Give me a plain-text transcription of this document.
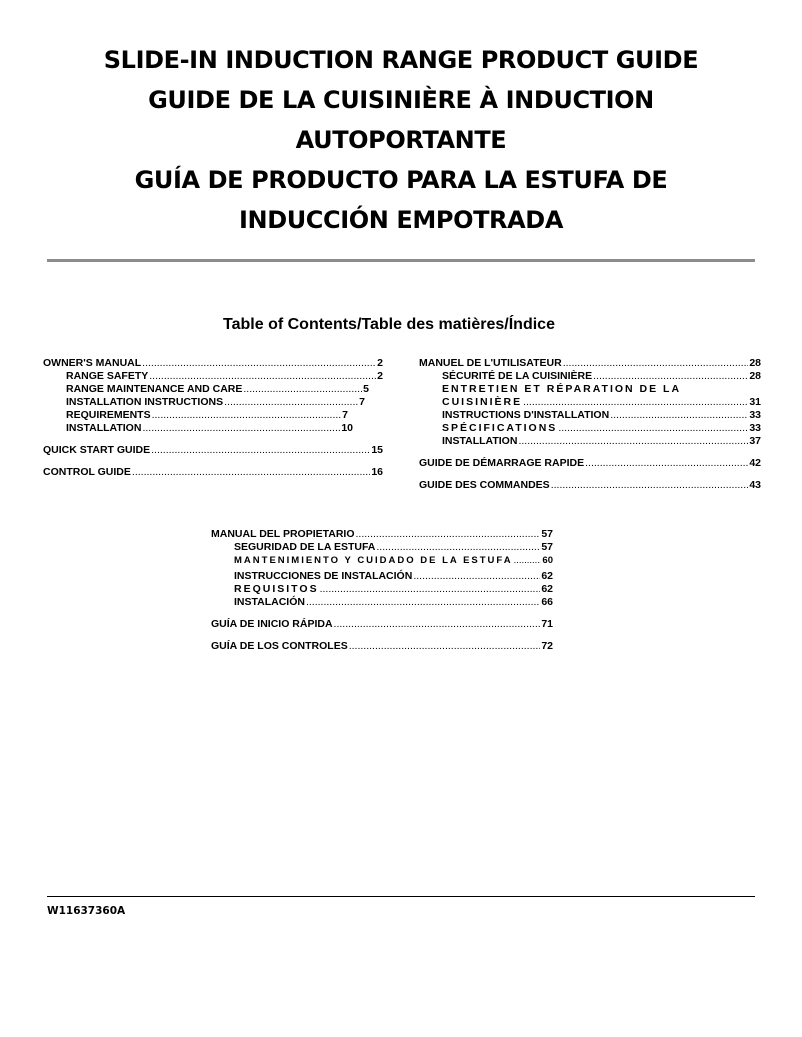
SLIDE-IN INDUCTION RANGE PRODUCT GUIDE
GUIDE DE LA CUISINIÈRE À INDUCTION
AUTOPORTANTE
GUÍA DE PRODUCTO PARA LA ESTUFA DE
INDUCCIÓN EMPOTRADA
Table of Contents/Table des matières/Índice
OWNER'S MANUAL .....	2
RANGE SAFETY .....	2
RANGE MAINTENANCE AND CARE .....	5
INSTALLATION INSTRUCTIONS .....	7
REQUIREMENTS .....	7
INSTALLATION .....	10
QUICK START GUIDE .....	15
CONTROL GUIDE .....	16
MANUEL DE L'UTILISATEUR .....	28
SÉCURITÉ DE LA CUISINIÈRE .....	28
ENTRETIEN ET RÉPARATION DE LA
CUISINIÈRE .....	31
INSTRUCTIONS D'INSTALLATION .....	33
SPÉCIFICATIONS .....	33
INSTALLATION .....	37
GUIDE DE DÉMARRAGE RAPIDE .....	42
GUIDE DES COMMANDES .....	43
MANUAL DEL PROPIETARIO .....	57
SEGURIDAD DE LA ESTUFA .....	57
MANTENIMIENTO Y CUIDADO DE LA ESTUFA .....	60
INSTRUCCIONES DE INSTALACIÓN .....	62
REQUISITOS .....	62
INSTALACIÓN .....	66
GUÍA DE INICIO RÁPIDA .....	71
GUÍA DE LOS CONTROLES .....	72
W11637360A
